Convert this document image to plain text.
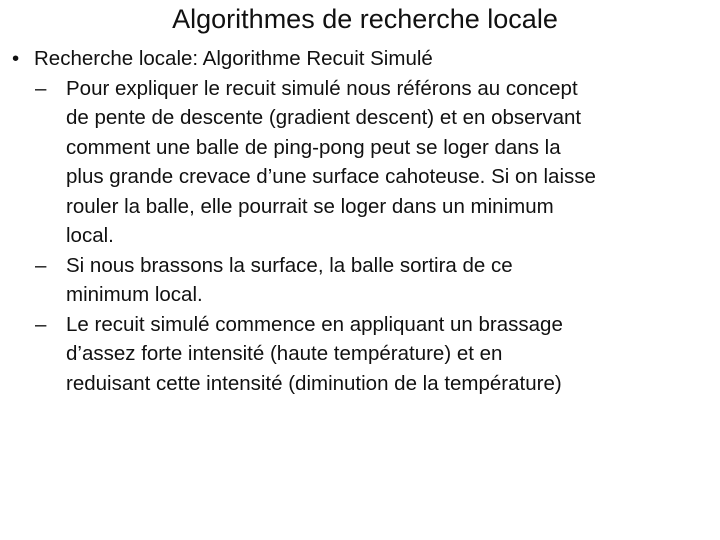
Algorithmes de recherche locale
• Recherche locale: Algorithme Recuit Simulé
– Pour expliquer le recuit simulé nous référons au concept
de pente de descente (gradient descent) et en observant
comment une balle de ping-pong peut se loger dans la
plus grande crevace d’une surface cahoteuse. Si on laisse
rouler la balle, elle pourrait se loger dans un minimum
local.
– Si nous brassons la surface, la balle sortira de ce
minimum local.
– Le recuit simulé commence en appliquant un brassage
d’assez forte intensité (haute température) et en
reduisant cette intensité (diminution de la température)
